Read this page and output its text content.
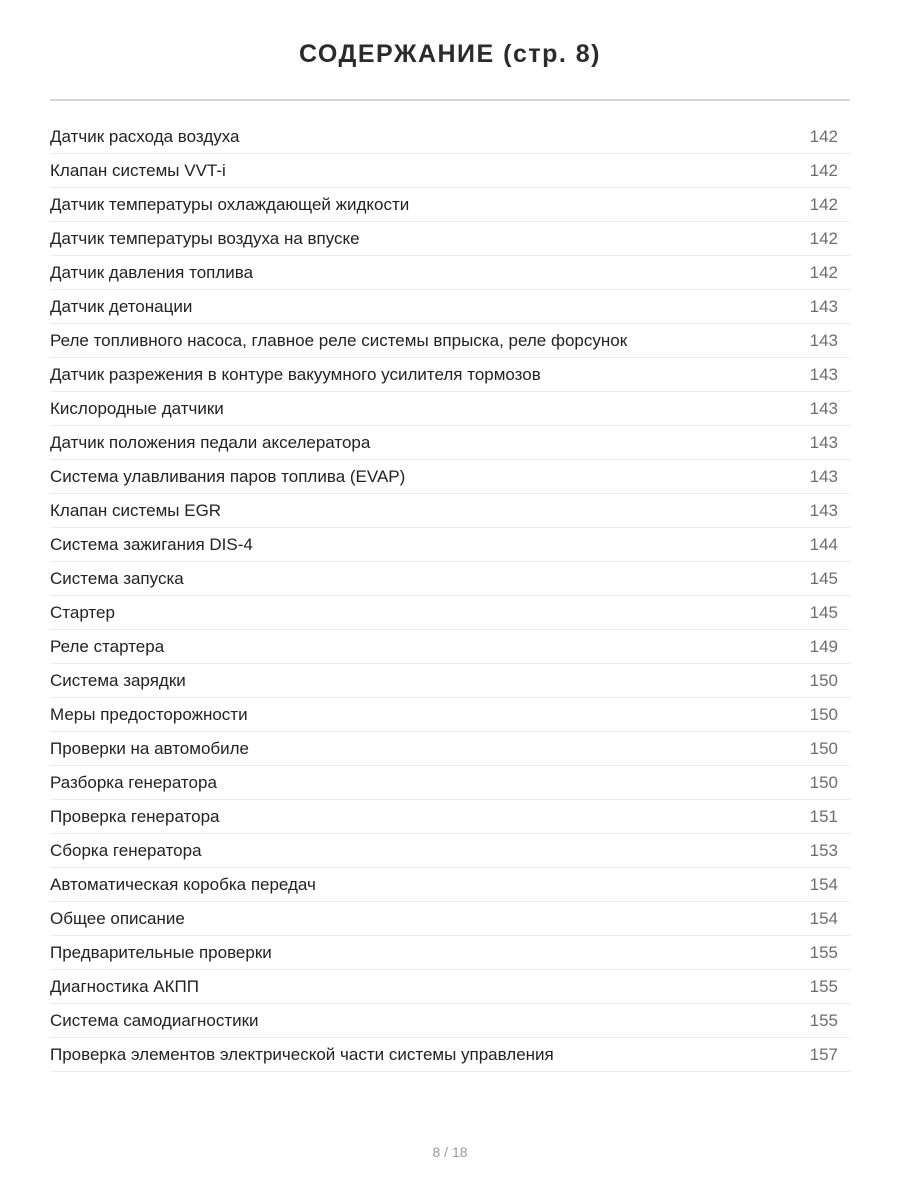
СОДЕРЖАНИЕ (стр. 8)
Датчик расхода воздуха	142
Клапан системы VVT-i	142
Датчик температуры охлаждающей жидкости	142
Датчик температуры воздуха на впуске	142
Датчик давления топлива	142
Датчик детонации	143
Реле топливного насоса, главное реле системы впрыска, реле форсунок	143
Датчик разрежения в контуре вакуумного усилителя тормозов	143
Кислородные датчики	143
Датчик положения педали акселератора	143
Система улавливания паров топлива (EVAP)	143
Клапан системы EGR	143
Система зажигания DIS-4	144
Система запуска	145
Стартер	145
Реле стартера	149
Система зарядки	150
Меры предосторожности	150
Проверки на автомобиле	150
Разборка генератора	150
Проверка генератора	151
Сборка генератора	153
Автоматическая коробка передач	154
Общее описание	154
Предварительные проверки	155
Диагностика АКПП	155
Система самодиагностики	155
Проверка элементов электрической части системы управления	157
8 / 18
